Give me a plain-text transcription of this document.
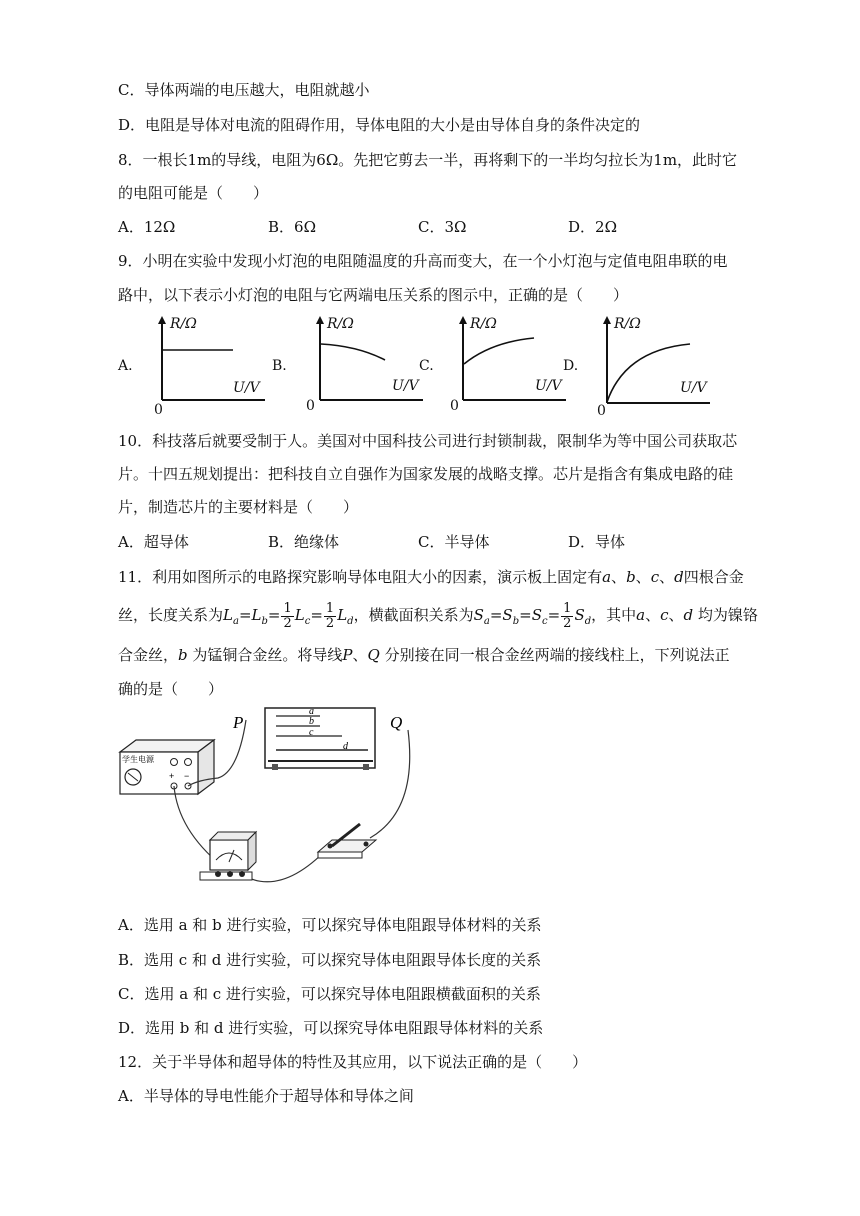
C．导体两端的电压越大，电阻就越小
D．电阻是导体对电流的阻碍作用，导体电阻的大小是由导体自身的条件决定的
8．一根长1m的导线，电阻为6Ω。先把它剪去一半，再将剩下的一半均匀拉长为1m，此时它
的电阻可能是（　　）
A．12Ω	B．6Ω	C．3Ω	D．2Ω
9．小明在实验中发现小灯泡的电阻随温度的升高而变大，在一个小灯泡与定值电阻串联的电
路中，以下表示小灯泡的电阻与它两端电压关系的图示中，正确的是（　　）
A.
R/Ω
U/V
0
B.
R/Ω
U/V
0
C.
R/Ω
U/V
0
D.
R/Ω
U/V
0
10．科技落后就要受制于人。美国对中国科技公司进行封锁制裁，限制华为等中国公司获取芯
片。十四五规划提出：把科技自立自强作为国家发展的战略支撑。芯片是指含有集成电路的硅
片，制造芯片的主要材料是（　　）
A．超导体	B．绝缘体	C．半导体	D．导体
11．利用如图所示的电路探究影响导体电阻大小的因素，演示板上固定有a、b、c、d四根合金
丝，长度关系为$L_a=L_b= \frac{1}{2} L_c= \frac{1}{2} L_d$，横截面积关系为$S_a=S_b=S_c= \frac{1}{2} S_d$，其中a、c、d 均为镍铬
合金丝，b 为锰铜合金丝。将导线P、Q 分别接在同一根合金丝两端的接线柱上，下列说法正
确的是（　　）
a
b
c
d
P	Q
学生电源
+ −
A．选用 a 和 b 进行实验，可以探究导体电阻跟导体材料的关系
B．选用 c 和 d 进行实验，可以探究导体电阻跟导体长度的关系
C．选用 a 和 c 进行实验，可以探究导体电阻跟横截面积的关系
D．选用 b 和 d 进行实验，可以探究导体电阻跟导体材料的关系
12．关于半导体和超导体的特性及其应用，以下说法正确的是（　　）
A．半导体的导电性能介于超导体和导体之间
